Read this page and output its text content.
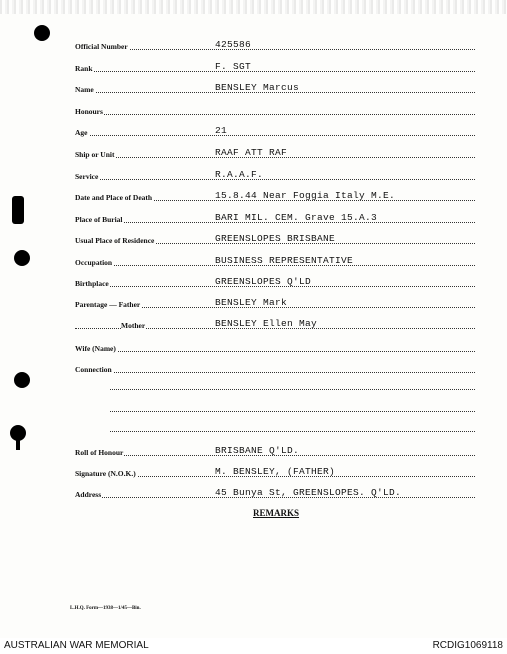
Official Number	425586
Rank	F. SGT
Name	BENSLEY Marcus
Honours
Age	21
Ship or Unit	RAAF ATT RAF
Service	R.A.A.F.
Date and Place of Death	15.8.44 Near Foggia Italy M.E.
Place of Burial	BARI MIL. CEM. Grave 15.A.3
Usual Place of Residence	GREENSLOPES BRISBANE
Occupation	BUSINESS REPRESENTATIVE
Birthplace	GREENSLOPES Q'LD
Parentage — Father	BENSLEY Mark
Mother	BENSLEY Ellen May
Wife (Name)
Connection
Roll of Honour	BRISBANE Q'LD.
Signature (N.O.K.)	M. BENSLEY, (FATHER)
Address	45 Bunya St, GREENSLOPES. Q'LD.
REMARKS
L.H.Q. Form—1938—1/45—Bin.
AUSTRALIAN WAR MEMORIAL	RCDIG1069118
